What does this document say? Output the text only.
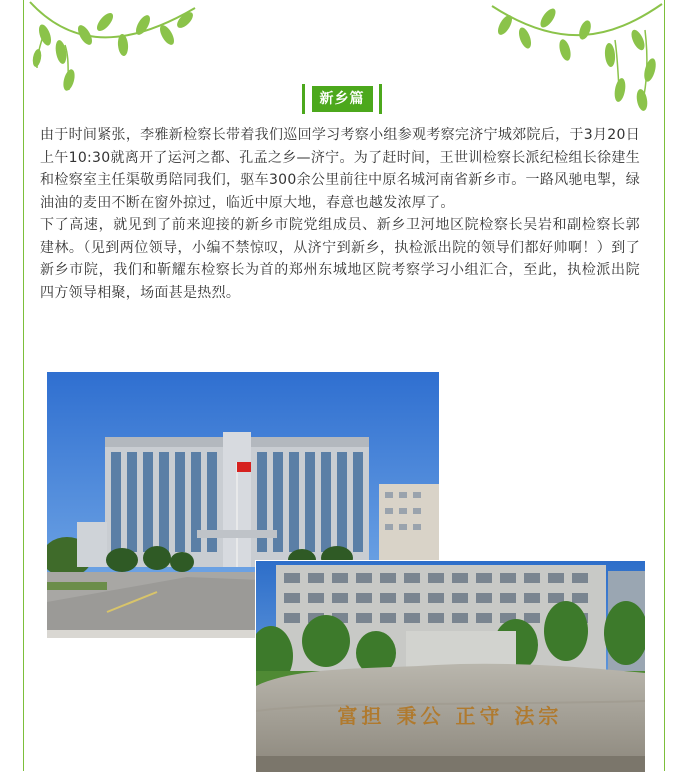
新乡篇

由于时间紧张，李雅新检察长带着我们巡回学习考察小组参观考察完济宁城郊院后，于3月20日上午10:30就离开了运河之都、孔孟之乡—济宁。为了赶时间，王世训检察长派纪检组长徐建生和检察室主任渠敬勇陪同我们，驱车300余公里前往中原名城河南省新乡市。一路风驰电掣，绿油油的麦田不断在窗外掠过，临近中原大地，春意也越发浓厚了。

下了高速，就见到了前来迎接的新乡市院党组成员、新乡卫河地区院检察长吴岩和副检察长郭建林。（见到两位领导，小编不禁惊叹，从济宁到新乡，执检派出院的领导们都好帅啊！）到了新乡市院，我们和靳耀东检察长为首的郑州东城地区院考察学习小组汇合，至此，执检派出院四方领导相聚，场面甚是热烈。

富担 秉公 正守 法宗
